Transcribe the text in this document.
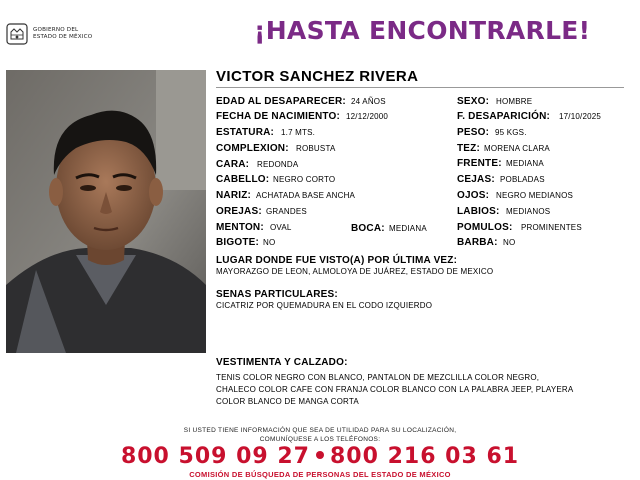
GOBIERNO DEL
ESTADO DE MÉXICO	¡HASTA ENCONTRARLE!
VICTOR SANCHEZ RIVERA
EDAD AL DESAPARECER: 24 AÑOS
FECHA DE NACIMIENTO: 12/12/2000
ESTATURA: 1.7 MTS.
COMPLEXION: ROBUSTA
CARA: REDONDA
CABELLO: NEGRO CORTO
NARIZ: ACHATADA BASE ANCHA
OREJAS: GRANDES
MENTON: OVAL	BOCA: MEDIANA
BIGOTE: NO
SEXO: HOMBRE
F. DESAPARICIÓN: 17/10/2025
PESO: 95 KGS.
TEZ: MORENA CLARA
FRENTE: MEDIANA
CEJAS: POBLADAS
OJOS: NEGRO MEDIANOS
LABIOS: MEDIANOS
POMULOS: PROMINENTES
BARBA: NO
LUGAR DONDE FUE VISTO(A) POR ÚLTIMA VEZ:
MAYORAZGO DE LEON, ALMOLOYA DE JUÁREZ, ESTADO DE MEXICO
SENAS PARTICULARES:
CICATRIZ POR QUEMADURA EN EL CODO IZQUIERDO
VESTIMENTA Y CALZADO:
TENIS COLOR NEGRO CON BLANCO, PANTALON DE MEZCLILLA COLOR NEGRO,
CHALECO COLOR CAFE CON FRANJA COLOR BLANCO CON LA PALABRA JEEP, PLAYERA
COLOR BLANCO DE MANGA CORTA
SI USTED TIENE INFORMACIÓN QUE SEA DE UTILIDAD PARA SU LOCALIZACIÓN,
COMUNÍQUESE A LOS TELÉFONOS:
800 509 09 27 800 216 03 61
COMISIÓN DE BÚSQUEDA DE PERSONAS DEL ESTADO DE MÉXICO
